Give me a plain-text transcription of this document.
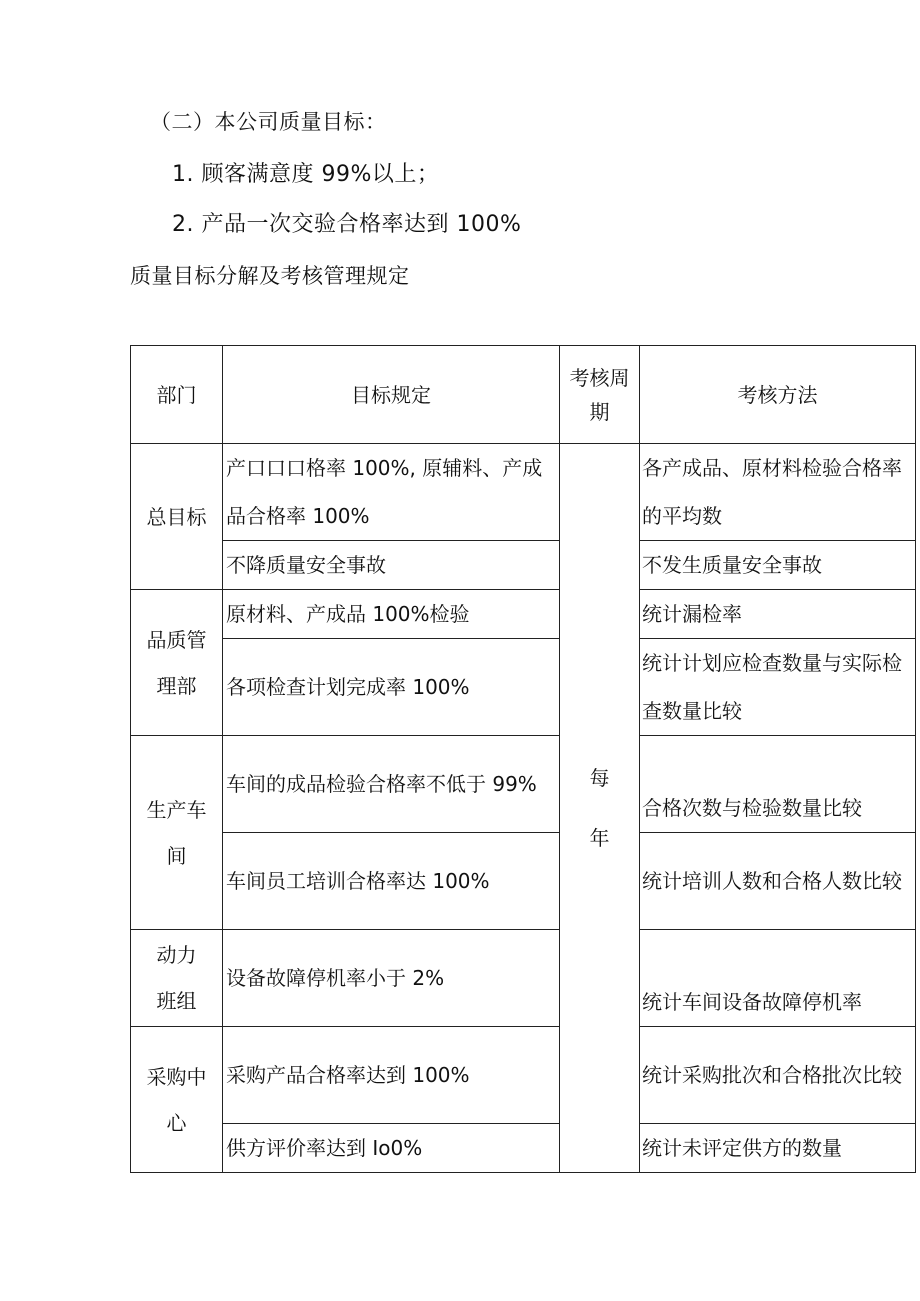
（二）本公司质量目标：
1. 顾客满意度 99%以上；
2. 产品一次交验合格率达到 100%
质量目标分解及考核管理规定
部门	目标规定	考核周期	考核方法
总目标	产口口口格率 100%, 原辅料、产成品合格率 100%	每年	各产成品、原材料检验合格率的平均数
	不降质量安全事故		不发生质量安全事故
品质管理部	原材料、产成品 100%检验		统计漏检率
	各项检查计划完成率 100%		统计计划应检查数量与实际检查数量比较
生产车间	车间的成品检验合格率不低于 99%		合格次数与检验数量比较
	车间员工培训合格率达 100%		统计培训人数和合格人数比较
动力班组	设备故障停机率小于 2%		统计车间设备故障停机率
采购中心	采购产品合格率达到 100%		统计采购批次和合格批次比较
	供方评价率达到 Io0%		统计未评定供方的数量
